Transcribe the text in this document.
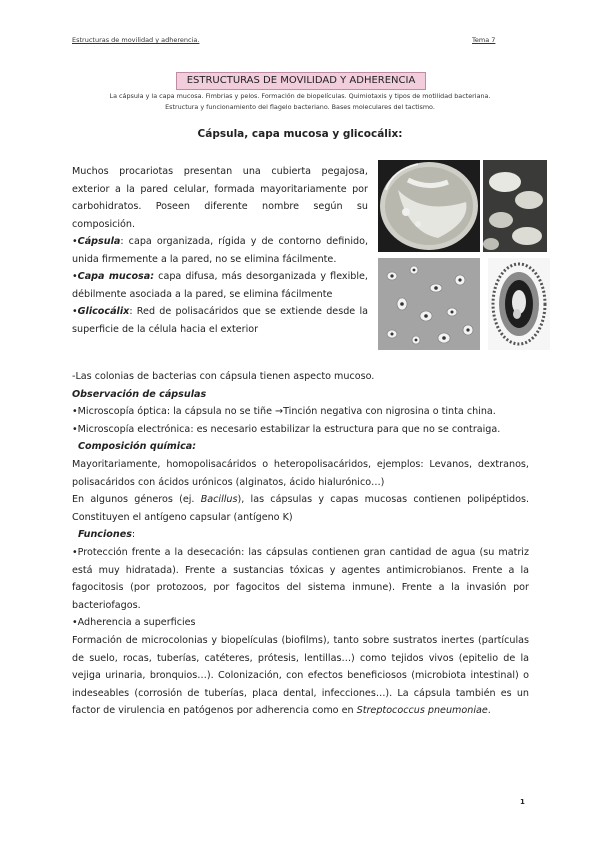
Estructuras de movilidad y adherencia.	Tema 7
ESTRUCTURAS DE MOVILIDAD Y ADHERENCIA
La cápsula y la capa mucosa. Fimbrias y pelos. Formación de biopelículas. Quimiotaxis y tipos de motilidad bacteriana.
Estructura y funcionamiento del flagelo bacteriano. Bases moleculares del tactismo.
Cápsula, capa mucosa y glicocálix:

Muchos procariotas presentan una cubierta pegajosa, exterior a la pared celular, formada mayoritariamente por carbohidratos. Poseen diferente nombre según su composición.

•Cápsula: capa organizada, rígida y de contorno definido, unida firmemente a la pared, no se elimina fácilmente.

•Capa mucosa: capa difusa, más desorganizada y flexible, débilmente asociada a la pared, se elimina fácilmente

•Glicocálix: Red de polisacáridos que se extiende desde la superficie de la célula hacia el exterior

-Las colonias de bacterias con cápsula tienen aspecto mucoso.

Observación de cápsulas

•Microscopía óptica: la cápsula no se tiñe →Tinción negativa con nigrosina o tinta china.

•Microscopía electrónica: es necesario estabilizar la estructura para que no se contraiga.

Composición química:

Mayoritariamente, homopolisacáridos o heteropolisacáridos, ejemplos: Levanos, dextranos, polisacáridos con ácidos urónicos (alginatos, ácido hialurónico…)

En algunos géneros (ej. Bacillus), las cápsulas y capas mucosas contienen polipéptidos. Constituyen el antígeno capsular (antígeno K)

Funciones:

•Protección frente a la desecación: las cápsulas contienen gran cantidad de agua (su matriz está muy hidratada). Frente a sustancias tóxicas y agentes antimicrobianos. Frente a la fagocitosis (por protozoos, por fagocitos del sistema inmune). Frente a la invasión por bacteriofagos.

•Adherencia a superficies

Formación de microcolonias y biopelículas (biofilms), tanto sobre sustratos inertes (partículas de suelo, rocas, tuberías, catéteres, prótesis, lentillas…) como tejidos vivos (epitelio de la vejiga urinaria, bronquios…). Colonización, con efectos beneficiosos (microbiota intestinal) o indeseables (corrosión de tuberías, placa dental, infecciones…). La cápsula también es un factor de virulencia en patógenos por adherencia como en Streptococcus pneumoniae.

1
